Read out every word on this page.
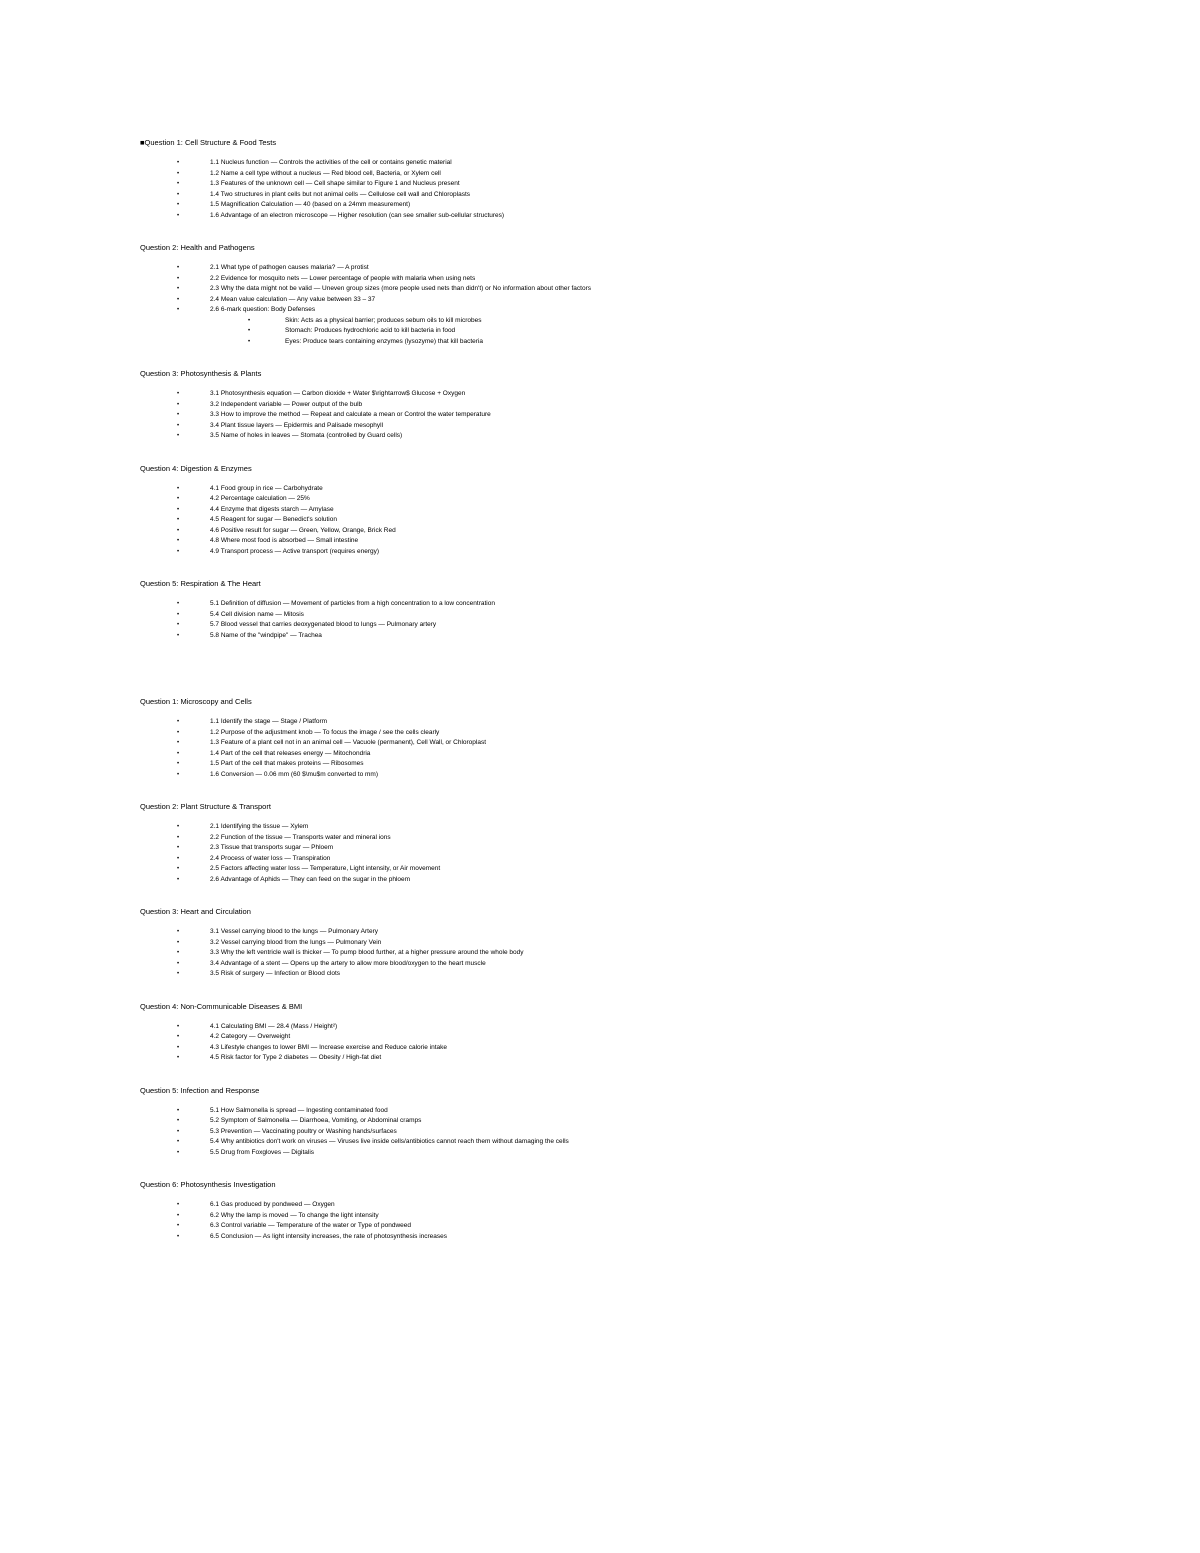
■Question 1: Cell Structure & Food Tests
• 1.1 Nucleus function — Controls the activities of the cell or contains genetic material
• 1.2 Name a cell type without a nucleus — Red blood cell, Bacteria, or Xylem cell
• 1.3 Features of the unknown cell — Cell shape similar to Figure 1 and Nucleus present
• 1.4 Two structures in plant cells but not animal cells — Cellulose cell wall and Chloroplasts
• 1.5 Magnification Calculation — 40 (based on a 24mm measurement)
• 1.6 Advantage of an electron microscope — Higher resolution (can see smaller sub-cellular structures)
Question 2: Health and Pathogens
• 2.1 What type of pathogen causes malaria? — A protist
• 2.2 Evidence for mosquito nets — Lower percentage of people with malaria when using nets
• 2.3 Why the data might not be valid — Uneven group sizes (more people used nets than didn't) or No information about other factors
• 2.4 Mean value calculation — Any value between 33 – 37
• 2.6 6-mark question: Body Defenses
• Skin: Acts as a physical barrier; produces sebum oils to kill microbes
• Stomach: Produces hydrochloric acid to kill bacteria in food
• Eyes: Produce tears containing enzymes (lysozyme) that kill bacteria
Question 3: Photosynthesis & Plants
• 3.1 Photosynthesis equation — Carbon dioxide + Water $\rightarrow$ Glucose + Oxygen
• 3.2 Independent variable — Power output of the bulb
• 3.3 How to improve the method — Repeat and calculate a mean or Control the water temperature
• 3.4 Plant tissue layers — Epidermis and Palisade mesophyll
• 3.5 Name of holes in leaves — Stomata (controlled by Guard cells)
Question 4: Digestion & Enzymes
• 4.1 Food group in rice — Carbohydrate
• 4.2 Percentage calculation — 25%
• 4.4 Enzyme that digests starch — Amylase
• 4.5 Reagent for sugar — Benedict's solution
• 4.6 Positive result for sugar — Green, Yellow, Orange, Brick Red
• 4.8 Where most food is absorbed — Small intestine
• 4.9 Transport process — Active transport (requires energy)
Question 5: Respiration & The Heart
• 5.1 Definition of diffusion — Movement of particles from a high concentration to a low concentration
• 5.4 Cell division name — Mitosis
• 5.7 Blood vessel that carries deoxygenated blood to lungs — Pulmonary artery
• 5.8 Name of the "windpipe" — Trachea
Question 1: Microscopy and Cells
• 1.1 Identify the stage — Stage / Platform
• 1.2 Purpose of the adjustment knob — To focus the image / see the cells clearly
• 1.3 Feature of a plant cell not in an animal cell — Vacuole (permanent), Cell Wall, or Chloroplast
• 1.4 Part of the cell that releases energy — Mitochondria
• 1.5 Part of the cell that makes proteins — Ribosomes
• 1.6 Conversion — 0.06 mm (60 $\mu$m converted to mm)
Question 2: Plant Structure & Transport
• 2.1 Identifying the tissue — Xylem
• 2.2 Function of the tissue — Transports water and mineral ions
• 2.3 Tissue that transports sugar — Phloem
• 2.4 Process of water loss — Transpiration
• 2.5 Factors affecting water loss — Temperature, Light intensity, or Air movement
• 2.6 Advantage of Aphids — They can feed on the sugar in the phloem
Question 3: Heart and Circulation
• 3.1 Vessel carrying blood to the lungs — Pulmonary Artery
• 3.2 Vessel carrying blood from the lungs — Pulmonary Vein
• 3.3 Why the left ventricle wall is thicker — To pump blood further, at a higher pressure around the whole body
• 3.4 Advantage of a stent — Opens up the artery to allow more blood/oxygen to the heart muscle
• 3.5 Risk of surgery — Infection or Blood clots
Question 4: Non-Communicable Diseases & BMI
• 4.1 Calculating BMI — 28.4 (Mass / Height²)
• 4.2 Category — Overweight
• 4.3 Lifestyle changes to lower BMI — Increase exercise and Reduce calorie intake
• 4.5 Risk factor for Type 2 diabetes — Obesity / High-fat diet
Question 5: Infection and Response
• 5.1 How Salmonella is spread — Ingesting contaminated food
• 5.2 Symptom of Salmonella — Diarrhoea, Vomiting, or Abdominal cramps
• 5.3 Prevention — Vaccinating poultry or Washing hands/surfaces
• 5.4 Why antibiotics don't work on viruses — Viruses live inside cells/antibiotics cannot reach them without damaging the cells
• 5.5 Drug from Foxgloves — Digitalis
Question 6: Photosynthesis Investigation
• 6.1 Gas produced by pondweed — Oxygen
• 6.2 Why the lamp is moved — To change the light intensity
• 6.3 Control variable — Temperature of the water or Type of pondweed
• 6.5 Conclusion — As light intensity increases, the rate of photosynthesis increases
